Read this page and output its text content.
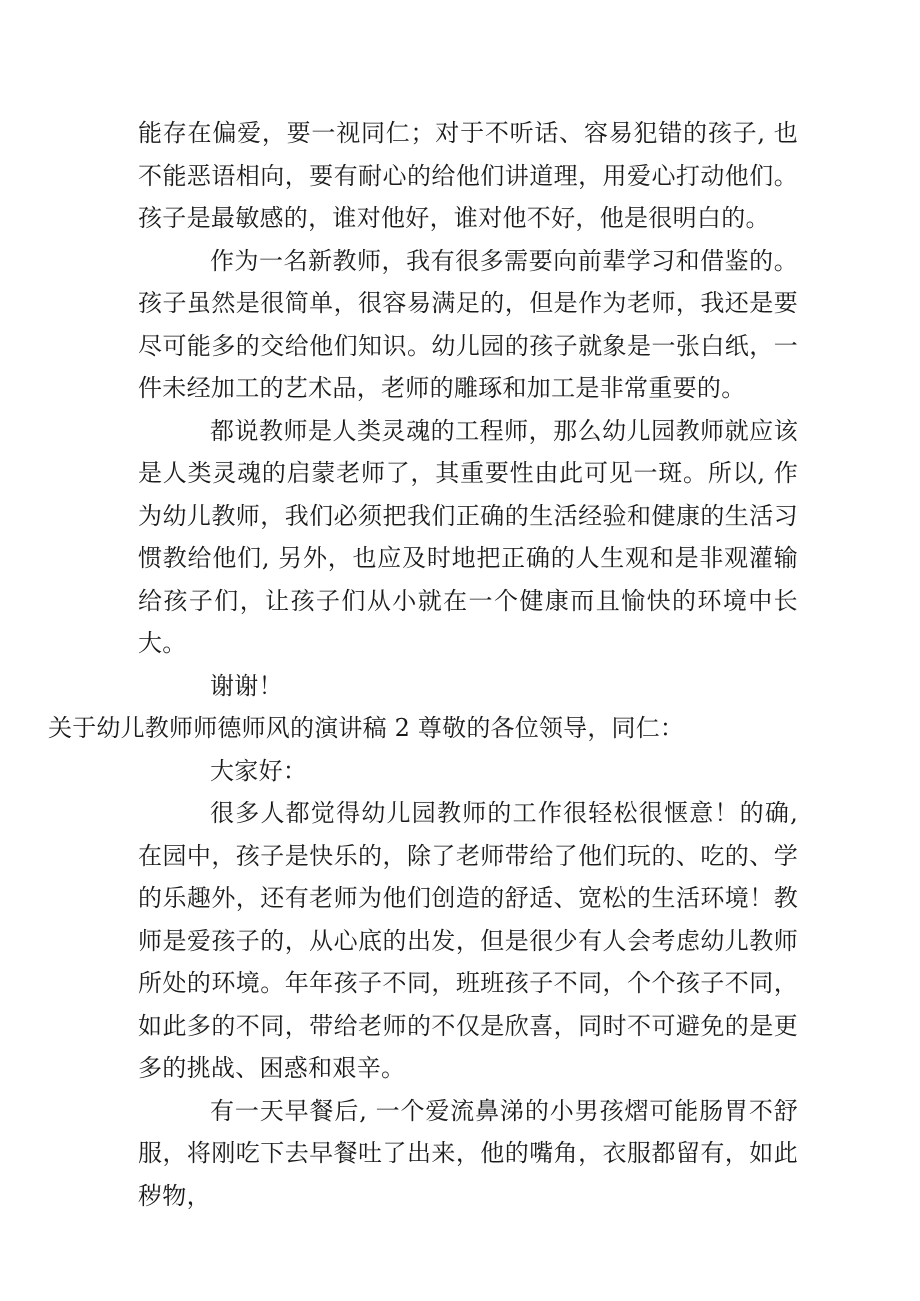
能存在偏爱，要一视同仁；对于不听话、容易犯错的孩子, 也不能恶语相向，要有耐心的给他们讲道理，用爱心打动他们。孩子是最敏感的，谁对他好，谁对他不好，他是很明白的。

作为一名新教师，我有很多需要向前辈学习和借鉴的。孩子虽然是很简单，很容易满足的，但是作为老师，我还是要尽可能多的交给他们知识。幼儿园的孩子就象是一张白纸，一件未经加工的艺术品，老师的雕琢和加工是非常重要的。

都说教师是人类灵魂的工程师，那么幼儿园教师就应该是人类灵魂的启蒙老师了，其重要性由此可见一斑。所以, 作为幼儿教师，我们必须把我们正确的生活经验和健康的生活习惯教给他们, 另外，也应及时地把正确的人生观和是非观灌输给孩子们，让孩子们从小就在一个健康而且愉快的环境中长大。

谢谢！

关于幼儿教师师德师风的演讲稿 2 尊敬的各位领导，同仁：

大家好：

很多人都觉得幼儿园教师的工作很轻松很惬意！的确, 在园中，孩子是快乐的，除了老师带给了他们玩的、吃的、学的乐趣外，还有老师为他们创造的舒适、宽松的生活环境！教师是爱孩子的，从心底的出发，但是很少有人会考虑幼儿教师所处的环境。年年孩子不同，班班孩子不同，个个孩子不同，如此多的不同，带给老师的不仅是欣喜，同时不可避免的是更多的挑战、困惑和艰辛。

有一天早餐后, 一个爱流鼻涕的小男孩熠可能肠胃不舒服，将刚吃下去早餐吐了出来，他的嘴角，衣服都留有，如此秽物，
